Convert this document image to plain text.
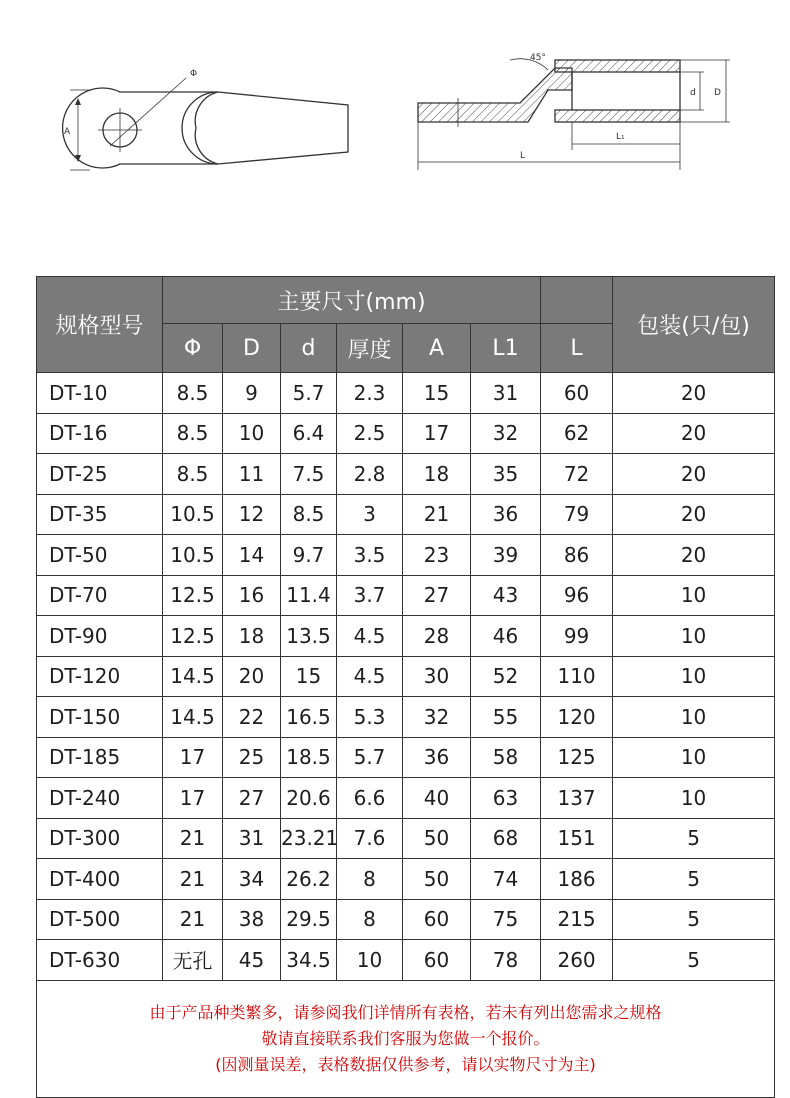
Φ
A
45°
d D
L₁
L
规格型号	主要尺寸(mm)							包装(只/包)
	Φ	D	d	厚度	A	L1	L	
DT-10	8.5	9	5.7	2.3	15	31	60	20
DT-16	8.5	10	6.4	2.5	17	32	62	20
DT-25	8.5	11	7.5	2.8	18	35	72	20
DT-35	10.5	12	8.5	3	21	36	79	20
DT-50	10.5	14	9.7	3.5	23	39	86	20
DT-70	12.5	16	11.4	3.7	27	43	96	10
DT-90	12.5	18	13.5	4.5	28	46	99	10
DT-120	14.5	20	15	4.5	30	52	110	10
DT-150	14.5	22	16.5	5.3	32	55	120	10
DT-185	17	25	18.5	5.7	36	58	125	10
DT-240	17	27	20.6	6.6	40	63	137	10
DT-300	21	31	23.21	7.6	50	68	151	5
DT-400	21	34	26.2	8	50	74	186	5
DT-500	21	38	29.5	8	60	75	215	5
DT-630	无孔	45	34.5	10	60	78	260	5

由于产品种类繁多，请参阅我们详情所有表格，若未有列出您需求之规格
敬请直接联系我们客服为您做一个报价。
(因测量误差，表格数据仅供参考，请以实物尺寸为主)								
